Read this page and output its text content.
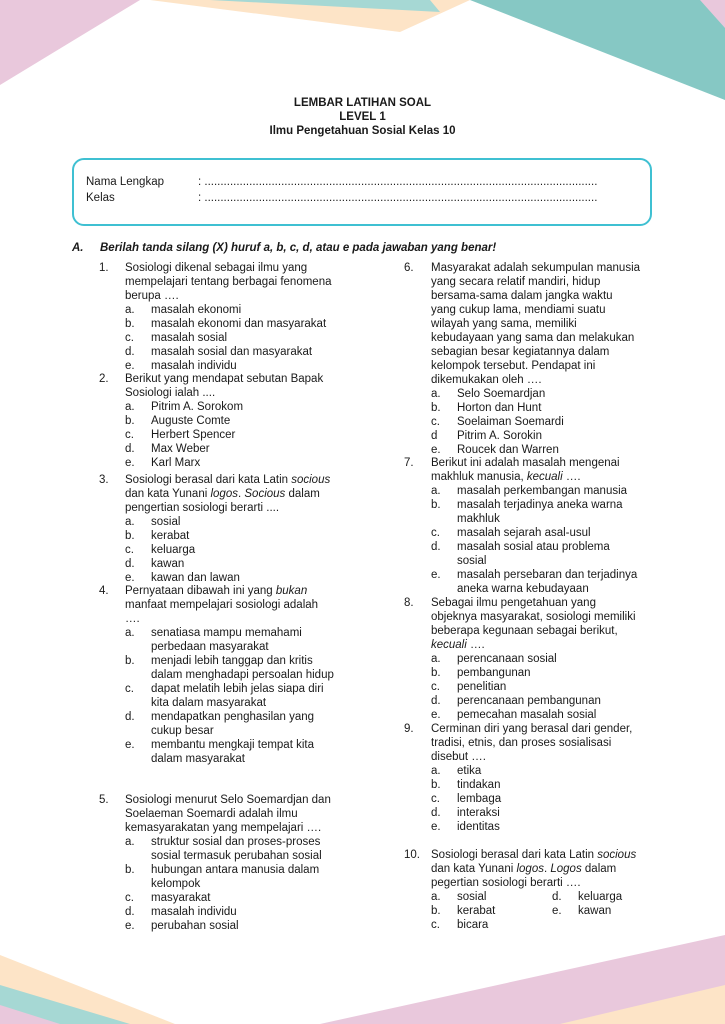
LEMBAR LATIHAN SOAL
LEVEL 1
Ilmu Pengetahuan Sosial Kelas 10
Nama Lengkap	: ...........................................................................................................................
Kelas	: ...........................................................................................................................
A. Berilah tanda silang (X) huruf a, b, c, d, atau e pada jawaban yang benar!
1. Sosiologi dikenal sebagai ilmu yang
mempelajari tentang berbagai fenomena
berupa ….
a. masalah ekonomi
b. masalah ekonomi dan masyarakat
c. masalah sosial
d. masalah sosial dan masyarakat
e. masalah individu
2. Berikut yang mendapat sebutan Bapak
Sosiologi ialah ....
a. Pitrim A. Sorokom
b. Auguste Comte
c. Herbert Spencer
d. Max Weber
e. Karl Marx
3. Sosiologi berasal dari kata Latin socious
dan kata Yunani logos. Socious dalam
pengertian sosiologi berarti ....
a. sosial
b. kerabat
c. keluarga
d. kawan
e. kawan dan lawan
4. Pernyataan dibawah ini yang bukan
manfaat mempelajari sosiologi adalah
….
a. senatiasa mampu memahami
perbedaan masyarakat
b. menjadi lebih tanggap dan kritis
dalam menghadapi persoalan hidup
c. dapat melatih lebih jelas siapa diri
kita dalam masyarakat
d. mendapatkan penghasilan yang
cukup besar
e. membantu mengkaji tempat kita
dalam masyarakat
5. Sosiologi menurut Selo Soemardjan dan
Soelaeman Soemardi adalah ilmu
kemasyarakatan yang mempelajari ….
a. struktur sosial dan proses-proses
sosial termasuk perubahan sosial
b. hubungan antara manusia dalam
kelompok
c. masyarakat
d. masalah individu
e. perubahan sosial
6. Masyarakat adalah sekumpulan manusia
yang secara relatif mandiri, hidup
bersama-sama dalam jangka waktu
yang cukup lama, mendiami suatu
wilayah yang sama, memiliki
kebudayaan yang sama dan melakukan
sebagian besar kegiatannya dalam
kelompok tersebut. Pendapat ini
dikemukakan oleh ….
a. Selo Soemardjan
b. Horton dan Hunt
c. Soelaiman Soemardi
d Pitrim A. Sorokin
e. Roucek dan Warren
7. Berikut ini adalah masalah mengenai
makhluk manusia, kecuali ….
a. masalah perkembangan manusia
b. masalah terjadinya aneka warna
makhluk
c. masalah sejarah asal-usul
d. masalah sosial atau problema
sosial
e. masalah persebaran dan terjadinya
aneka warna kebudayaan
8. Sebagai ilmu pengetahuan yang
objeknya masyarakat, sosiologi memiliki
beberapa kegunaan sebagai berikut,
kecuali ….
a. perencanaan sosial
b. pembangunan
c. penelitian
d. perencanaan pembangunan
e. pemecahan masalah sosial
9. Cerminan diri yang berasal dari gender,
tradisi, etnis, dan proses sosialisasi
disebut ….
a. etika
b. tindakan
c. lembaga
d. interaksi
e. identitas
10. Sosiologi berasal dari kata Latin socious
dan kata Yunani logos. Logos dalam
pegertian sosiologi berarti ….
a. sosial	d. keluarga
b. kerabat	e. kawan
c. bicara
